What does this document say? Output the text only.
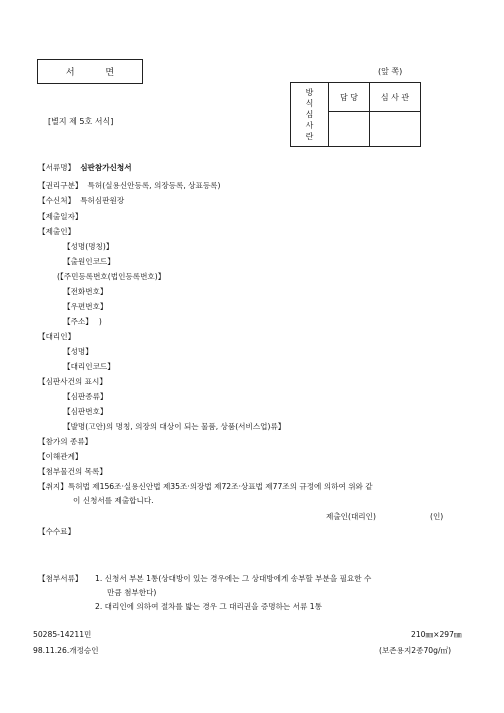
서 면	(앞 쪽)
[별지 제 5호 서식]
방
식
심
사
란	담 당	심 사 관

【서류명】 심판참가신청서
【권리구분】 특허(실용신안등록, 의장등록, 상표등록)
【수신처】 특허심판원장
【제출일자】
【제출인】
【성명(명칭)】
【출원인코드】
(【주민등록번호(법인등록번호)】
【전화번호】
【우편번호】
【주소】 )
【대리인】
【성명】
【대리인코드】
【심판사건의 표시】
【심판종류】
【심판번호】
【발명(고안)의 명칭, 의장의 대상이 되는 물품, 상품(서비스업)류】
【참가의 종류】
【이해관계】
【첨부물건의 목록】
【취지】특허법 제156조·실용신안법 제35조·의장법 제72조·상표법 제77조의 규정에 의하여 위와 같
이 신청서를 제출합니다.
제출인(대리인)	(인)
【수수료】
【첨부서류】 1. 신청서 부본 1통(상대방이 있는 경우에는 그 상대방에게 송부할 부분을 필요한 수
만큼 첨부한다)
2. 대리인에 의하여 절차를 밟는 경우 그 대리권을 증명하는 서류 1통
50285-14211민
98.11.26.개정승인
210㎜×297㎜
(보존용지2종70g/㎡)
